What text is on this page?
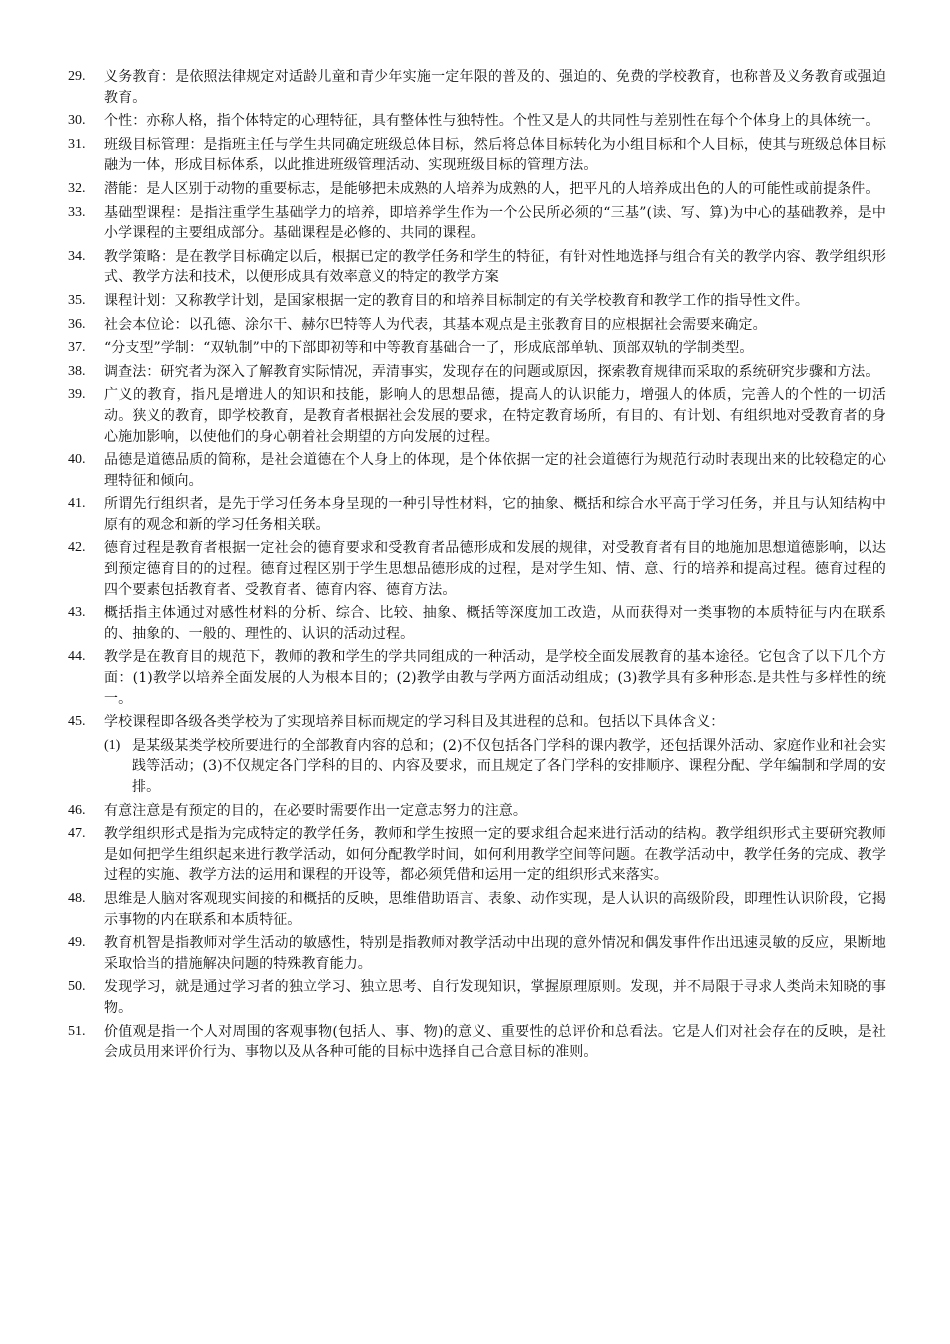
29.	义务教育：是依照法律规定对适龄儿童和青少年实施一定年限的普及的、强迫的、免费的学校教育，也称普及义务教育或强迫教育。
30.	个性：亦称人格，指个体特定的心理特征，具有整体性与独特性。个性又是人的共同性与差别性在每个个体身上的具体统一。
31.	班级目标管理：是指班主任与学生共同确定班级总体目标，然后将总体目标转化为小组目标和个人目标，使其与班级总体目标融为一体，形成目标体系，以此推进班级管理活动、实现班级目标的管理方法。
32.	潜能：是人区别于动物的重要标志，是能够把未成熟的人培养为成熟的人，把平凡的人培养成出色的人的可能性或前提条件。
33.	基础型课程：是指注重学生基础学力的培养，即培养学生作为一个公民所必须的“三基”(读、写、算)为中心的基础教养，是中小学课程的主要组成部分。基础课程是必修的、共同的课程。
34.	教学策略：是在教学目标确定以后，根据已定的教学任务和学生的特征，有针对性地选择与组合有关的教学内容、教学组织形式、教学方法和技术，以便形成具有效率意义的特定的教学方案
35.	课程计划：又称教学计划，是国家根据一定的教育目的和培养目标制定的有关学校教育和教学工作的指导性文件。
36.	社会本位论：以孔德、涂尔干、赫尔巴特等人为代表，其基本观点是主张教育目的应根据社会需要来确定。
37.	“分支型”学制：“双轨制”中的下部即初等和中等教育基础合一了，形成底部单轨、顶部双轨的学制类型。
38.	调查法：研究者为深入了解教育实际情况，弄清事实，发现存在的问题或原因，探索教育规律而采取的系统研究步骤和方法。
39.	广义的教育，指凡是增进人的知识和技能，影响人的思想品德，提高人的认识能力，增强人的体质，完善人的个性的一切活动。狭义的教育，即学校教育，是教育者根据社会发展的要求，在特定教育场所，有目的、有计划、有组织地对受教育者的身心施加影响，以使他们的身心朝着社会期望的方向发展的过程。
40.	品德是道德品质的简称，是社会道德在个人身上的体现，是个体依据一定的社会道德行为规范行动时表现出来的比较稳定的心理特征和倾向。
41.	所谓先行组织者，是先于学习任务本身呈现的一种引导性材料，它的抽象、概括和综合水平高于学习任务，并且与认知结构中原有的观念和新的学习任务相关联。
42.	德育过程是教育者根据一定社会的德育要求和受教育者品德形成和发展的规律，对受教育者有目的地施加思想道德影响，以达到预定德育目的的过程。德育过程区别于学生思想品德形成的过程，是对学生知、情、意、行的培养和提高过程。德育过程的四个要素包括教育者、受教育者、德育内容、德育方法。
43.	概括指主体通过对感性材料的分析、综合、比较、抽象、概括等深度加工改造，从而获得对一类事物的本质特征与内在联系的、抽象的、一般的、理性的、认识的活动过程。
44.	教学是在教育目的规范下，教师的教和学生的学共同组成的一种活动，是学校全面发展教育的基本途径。它包含了以下几个方面：(1)教学以培养全面发展的人为根本目的；(2)教学由教与学两方面活动组成；(3)教学具有多种形态.是共性与多样性的统一。
45.	学校课程即各级各类学校为了实现培养目标而规定的学习科目及其进程的总和。包括以下具体含义：
(1) 是某级某类学校所要进行的全部教育内容的总和；(2)不仅包括各门学科的课内教学，还包括课外活动、家庭作业和社会实践等活动；(3)不仅规定各门学科的目的、内容及要求，而且规定了各门学科的安排顺序、课程分配、学年编制和学周的安排。
46.	有意注意是有预定的目的，在必要时需要作出一定意志努力的注意。
47.	教学组织形式是指为完成特定的教学任务，教师和学生按照一定的要求组合起来进行活动的结构。教学组织形式主要研究教师是如何把学生组织起来进行教学活动，如何分配教学时间，如何利用教学空间等问题。在教学活动中，教学任务的完成、教学过程的实施、教学方法的运用和课程的开设等，都必须凭借和运用一定的组织形式来落实。
48.	思维是人脑对客观现实间接的和概括的反映，思维借助语言、表象、动作实现，是人认识的高级阶段，即理性认识阶段，它揭示事物的内在联系和本质特征。
49.	教育机智是指教师对学生活动的敏感性，特别是指教师对教学活动中出现的意外情况和偶发事件作出迅速灵敏的反应，果断地采取恰当的措施解决问题的特殊教育能力。
50.	发现学习，就是通过学习者的独立学习、独立思考、自行发现知识，掌握原理原则。发现，并不局限于寻求人类尚未知晓的事物。
51.	价值观是指一个人对周围的客观事物(包括人、事、物)的意义、重要性的总评价和总看法。它是人们对社会存在的反映，是社会成员用来评价行为、事物以及从各种可能的目标中选择自己合意目标的准则。
